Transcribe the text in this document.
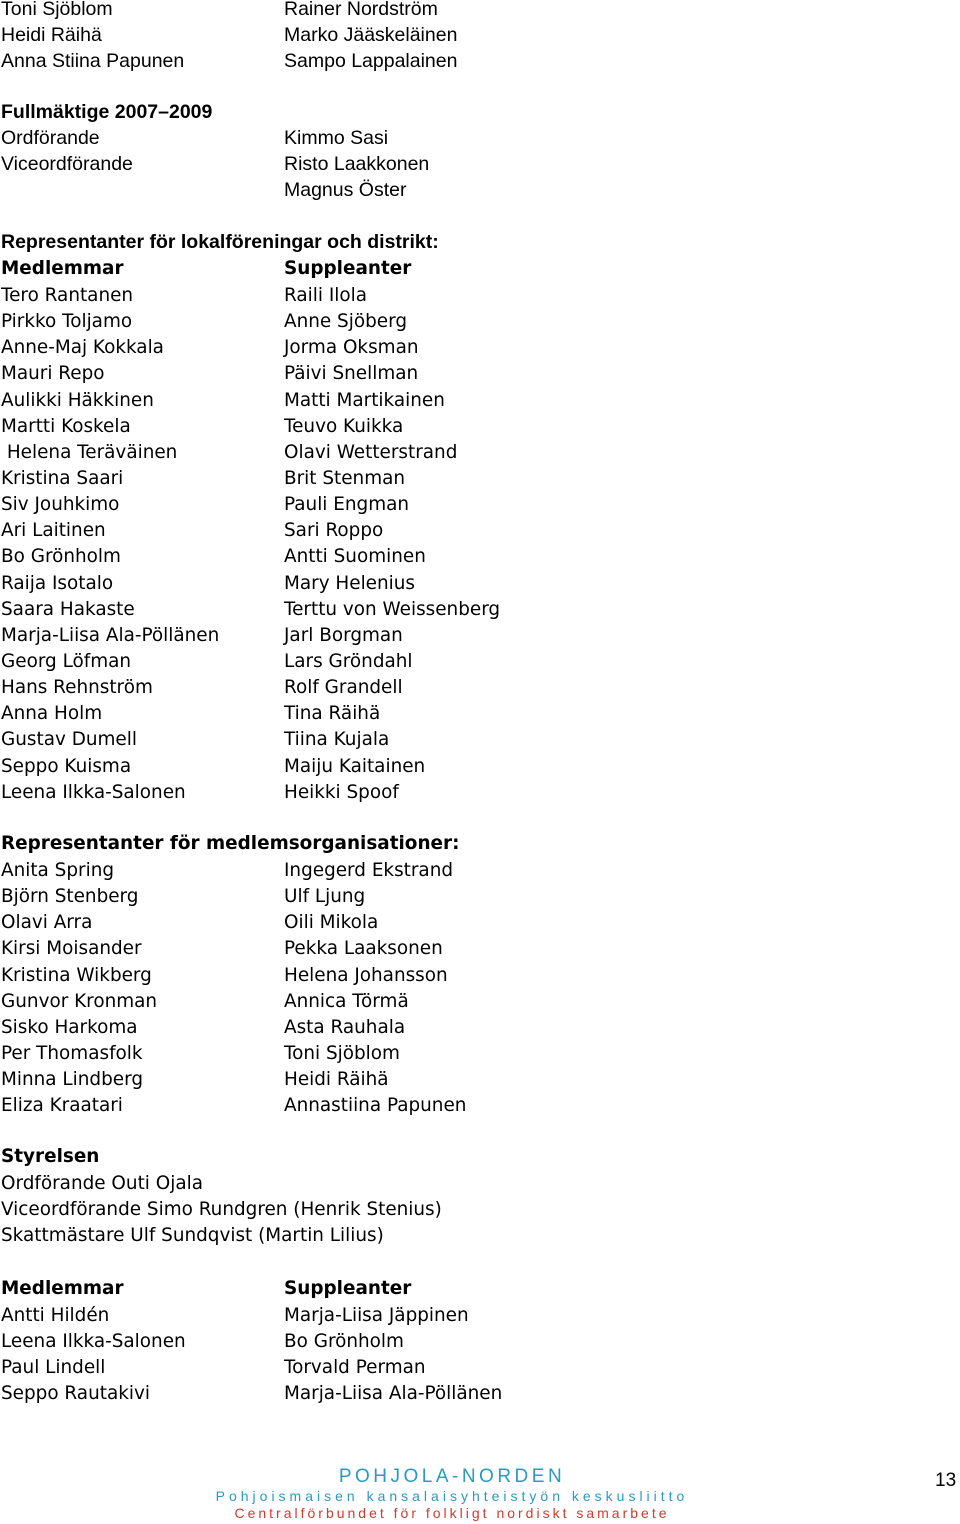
Toni Sjöblom	Rainer Nordström
Heidi Räihä	Marko Jääskeläinen
Anna Stiina Papunen	Sampo Lappalainen
Fullmäktige 2007–2009
Ordförande	Kimmo Sasi
Viceordförande	Risto Laakkonen
Magnus Öster
Representanter för lokalföreningar och distrikt:
Medlemmar	Suppleanter
Tero Rantanen	Raili Ilola
Pirkko Toljamo	Anne Sjöberg
Anne-Maj Kokkala	Jorma Oksman
Mauri Repo	Päivi Snellman
Aulikki Häkkinen	Matti Martikainen
Martti Koskela	Teuvo Kuikka
Helena Teräväinen	Olavi Wetterstrand
Kristina Saari	Brit Stenman
Siv Jouhkimo	Pauli Engman
Ari Laitinen	Sari Roppo
Bo Grönholm	Antti Suominen
Raija Isotalo	Mary Helenius
Saara Hakaste	Terttu von Weissenberg
Marja-Liisa Ala-Pöllänen	Jarl Borgman
Georg Löfman	Lars Gröndahl
Hans Rehnström	Rolf Grandell
Anna Holm	Tina Räihä
Gustav Dumell	Tiina Kujala
Seppo Kuisma	Maiju Kaitainen
Leena Ilkka-Salonen	Heikki Spoof
Representanter för medlemsorganisationer:
Anita Spring	Ingegerd Ekstrand
Björn Stenberg	Ulf Ljung
Olavi Arra	Oili Mikola
Kirsi Moisander	Pekka Laaksonen
Kristina Wikberg	Helena Johansson
Gunvor Kronman	Annica Törmä
Sisko Harkoma	Asta Rauhala
Per Thomasfolk	Toni Sjöblom
Minna Lindberg	Heidi Räihä
Eliza Kraatari	Annastiina Papunen
Styrelsen
Ordförande Outi Ojala
Viceordförande Simo Rundgren (Henrik Stenius)
Skattmästare Ulf Sundqvist (Martin Lilius)
Medlemmar	Suppleanter
Antti Hildén	Marja-Liisa Jäppinen
Leena Ilkka-Salonen	Bo Grönholm
Paul Lindell	Torvald Perman
Seppo Rautakivi	Marja-Liisa Ala-Pöllänen
POHJOLA-NORDEN
Pohjoismaisen kansalaisyhteistyön keskusliitto
Centralförbundet för folkligt nordiskt samarbete
13
